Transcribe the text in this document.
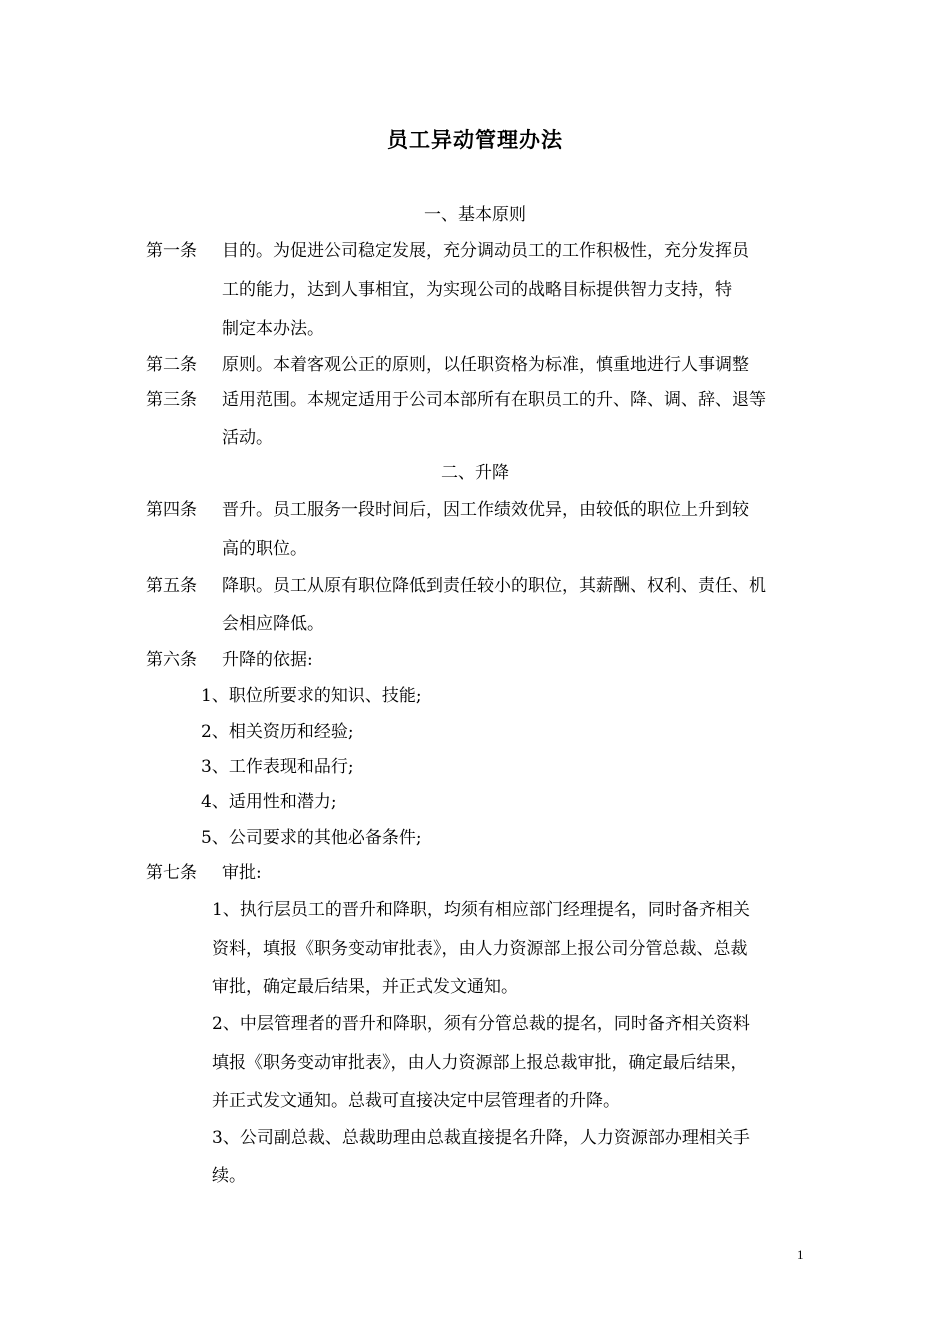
员工异动管理办法
一、基本原则
第一条 目的。为促进公司稳定发展，充分调动员工的工作积极性，充分发挥员
工的能力，达到人事相宜，为实现公司的战略目标提供智力支持，特
制定本办法。
第二条 原则。本着客观公正的原则，以任职资格为标准，慎重地进行人事调整
第三条 适用范围。本规定适用于公司本部所有在职员工的升、降、调、辞、退等
活动。
二、升降
第四条 晋升。员工服务一段时间后，因工作绩效优异，由较低的职位上升到较
高的职位。
第五条 降职。员工从原有职位降低到责任较小的职位，其薪酬、权利、责任、机
会相应降低。
第六条 升降的依据:
1、职位所要求的知识、技能;
2、相关资历和经验;
3、工作表现和品行;
4、适用性和潜力;
5、公司要求的其他必备条件;
第七条 审批:
1、执行层员工的晋升和降职，均须有相应部门经理提名，同时备齐相关
资料，填报《职务变动审批表》，由人力资源部上报公司分管总裁、总裁
审批，确定最后结果，并正式发文通知。
2、中层管理者的晋升和降职，须有分管总裁的提名，同时备齐相关资料
填报《职务变动审批表》，由人力资源部上报总裁审批，确定最后结果，
并正式发文通知。总裁可直接决定中层管理者的升降。
3、公司副总裁、总裁助理由总裁直接提名升降，人力资源部办理相关手
续。
1
